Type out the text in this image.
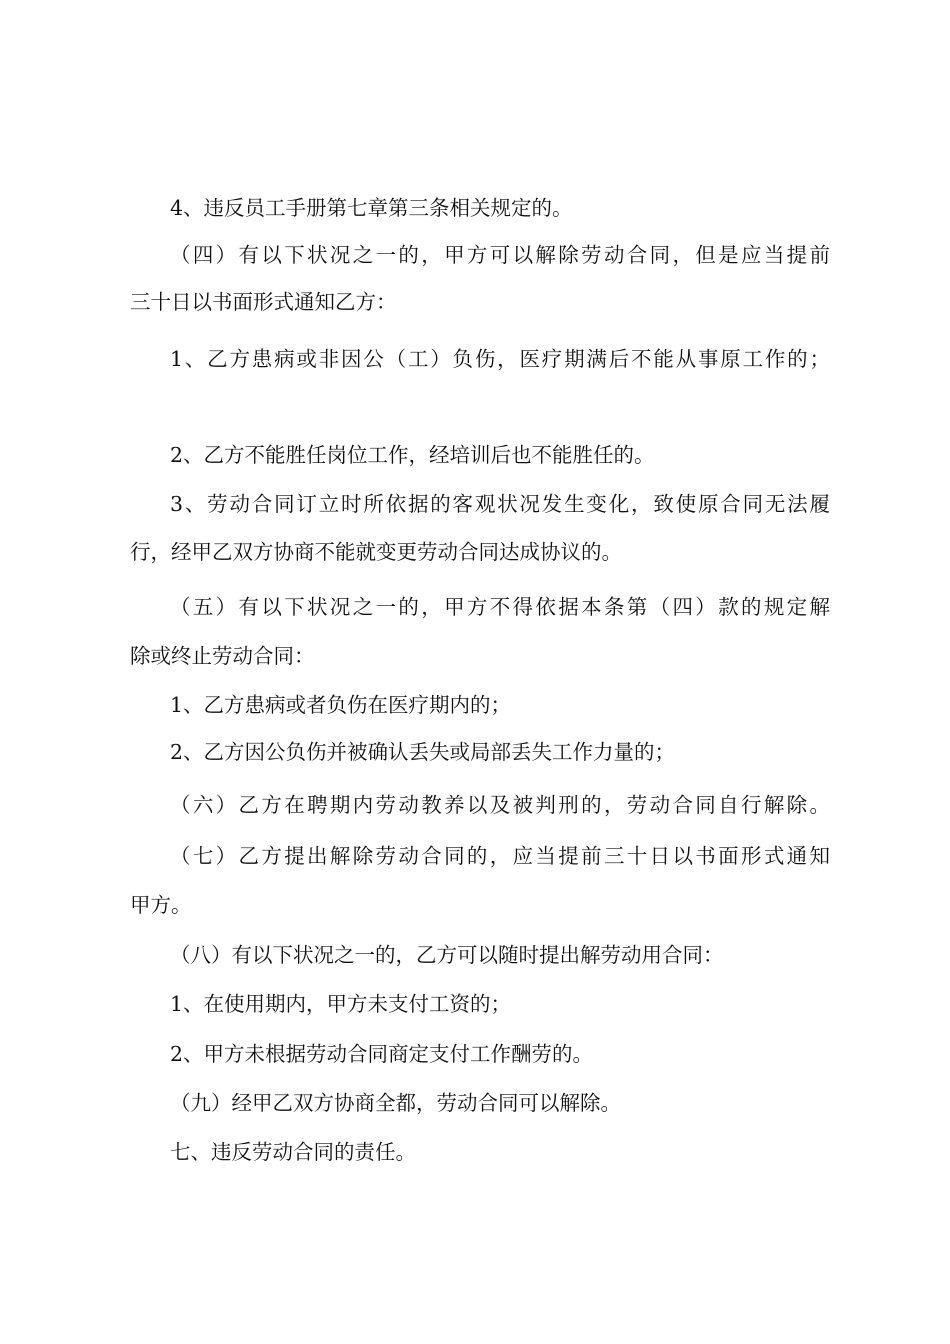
4、违反员工手册第七章第三条相关规定的。
（四）有以下状况之一的，甲方可以解除劳动合同，但是应当提前
三十日以书面形式通知乙方：
1、乙方患病或非因公（工）负伤，医疗期满后不能从事原工作的；
2、乙方不能胜任岗位工作，经培训后也不能胜任的。
3、劳动合同订立时所依据的客观状况发生变化，致使原合同无法履
行，经甲乙双方协商不能就变更劳动合同达成协议的。
（五）有以下状况之一的，甲方不得依据本条第（四）款的规定解
除或终止劳动合同：
1、乙方患病或者负伤在医疗期内的；
2、乙方因公负伤并被确认丢失或局部丢失工作力量的；
（六）乙方在聘期内劳动教养以及被判刑的，劳动合同自行解除。
（七）乙方提出解除劳动合同的，应当提前三十日以书面形式通知
甲方。
（八）有以下状况之一的，乙方可以随时提出解劳动用合同：
1、在使用期内，甲方未支付工资的；
2、甲方未根据劳动合同商定支付工作酬劳的。
（九）经甲乙双方协商全都，劳动合同可以解除。
七、违反劳动合同的责任。
